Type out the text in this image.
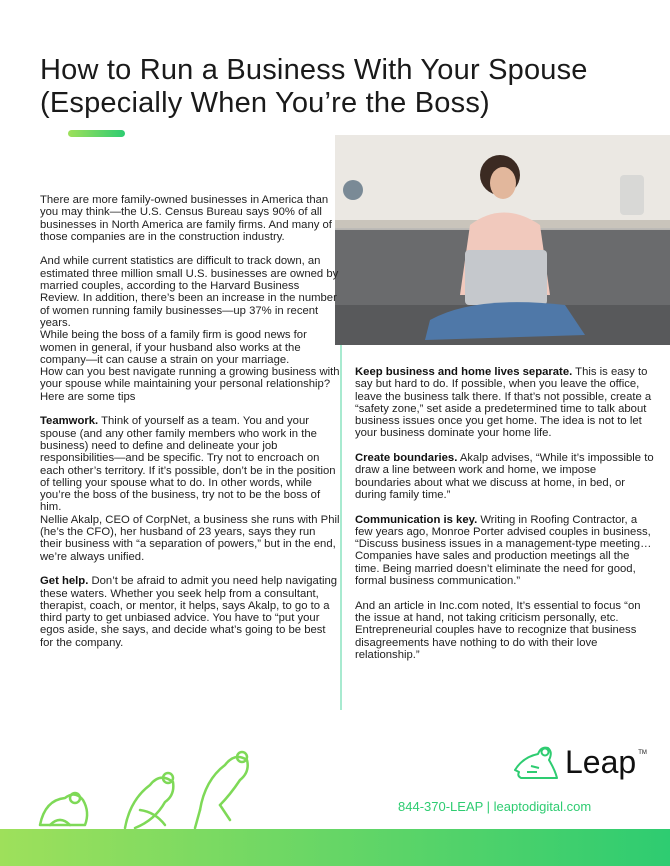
How to Run a Business With Your Spouse
(Especially When You’re the Boss)

There are more family-owned businesses in America than you may think—the U.S. Census Bureau says 90% of all businesses in North America are family firms. And many of those companies are in the construction industry.

And while current statistics are difficult to track down, an estimated three million small U.S. businesses are owned by married couples, according to the Harvard Business Review. In addition, there’s been an increase in the number of women running family businesses—up 37% in recent years.

While being the boss of a family firm is good news for women in general, if your husband also works at the company—it can cause a strain on your marriage.

How can you best navigate running a growing business with your spouse while maintaining your personal relationship? Here are some tips

Teamwork. Think of yourself as a team. You and your spouse (and any other family members who work in the business) need to define and delineate your job responsibilities—and be specific. Try not to encroach on each other’s territory. If it’s possible, don’t be in the position of telling your spouse what to do. In other words, while you’re the boss of the business, try not to be the boss of him.

Nellie Akalp, CEO of CorpNet, a business she runs with Phil (he’s the CFO), her husband of 23 years, says they run their business with “a separation of powers,” but in the end, we’re always unified.

Get help. Don’t be afraid to admit you need help navigating these waters. Whether you seek help from a consultant, therapist, coach, or mentor, it helps, says Akalp, to go to a third party to get unbiased advice. You have to “put your egos aside, she says, and decide what’s going to be best for the company.

Keep business and home lives separate. This is easy to say but hard to do. If possible, when you leave the office, leave the business talk there. If that’s not possible, create a “safety zone,” set aside a predetermined time to talk about business issues once you get home. The idea is not to let your business dominate your home life.

Create boundaries. Akalp advises, “While it’s impossible to draw a line between work and home, we impose boundaries about what we discuss at home, in bed, or during family time.”

Communication is key. Writing in Roofing Contractor, a few years ago, Monroe Porter advised couples in business, “Discuss business issues in a management-type meeting…Companies have sales and production meetings all the time. Being married doesn’t eliminate the need for good, formal business communication.”

And an article in Inc.com noted, It’s essential to focus “on the issue at hand, not taking criticism personally, etc. Entrepreneurial couples have to recognize that business disagreements have nothing to do with their love relationship.”

Leap TM
844-370-LEAP | leaptodigital.com
